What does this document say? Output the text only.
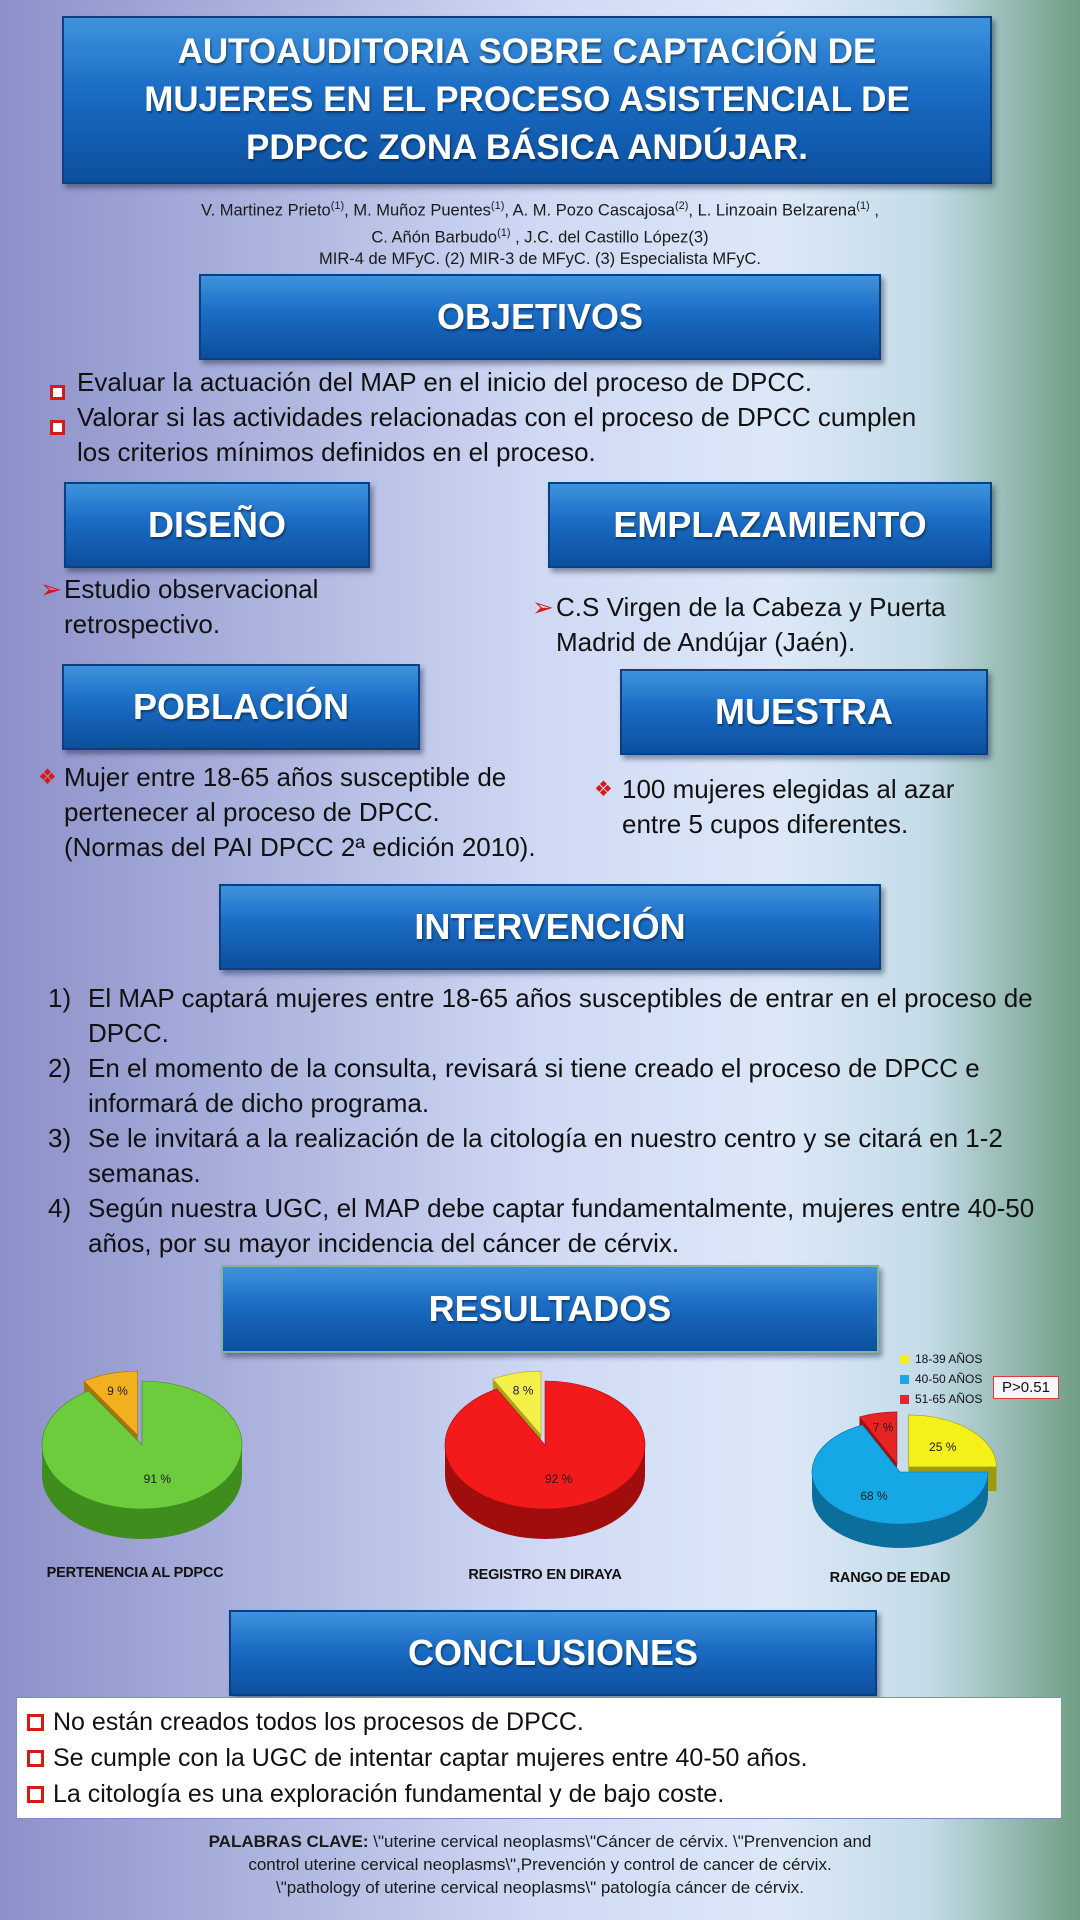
AUTOAUDITORIA SOBRE CAPTACIÓN DE
MUJERES EN EL PROCESO ASISTENCIAL DE
PDPCC ZONA BÁSICA ANDÚJAR.
V. Martinez Prieto$^{(1)}$, M. Muñoz Puentes$^{(1)}$, A. M. Pozo Cascajosa$^{(2)}$, L. Linzoain Belzarena$^{(1)}$ ,
C. Añón Barbudo$^{(1)}$ , J.C. del Castillo López(3)
MIR-4 de MFyC. (2) MIR-3 de MFyC. (3) Especialista MFyC.
OBJETIVOS
Evaluar la actuación del MAP en el inicio del proceso de DPCC.
Valorar si las actividades relacionadas con el proceso de DPCC cumplen los criterios mínimos definidos en el proceso.
DISEÑO
➢ Estudio observacional retrospectivo.
EMPLAZAMIENTO
➢ C.S Virgen de la Cabeza y Puerta Madrid de Andújar (Jaén).
POBLACIÓN
❖ Mujer entre 18-65 años susceptible de pertenecer al proceso de DPCC. (Normas del PAI DPCC 2ª edición 2010).
MUESTRA
❖ 100 mujeres elegidas al azar entre 5 cupos diferentes.
INTERVENCIÓN
1) El MAP captará mujeres entre 18-65 años susceptibles de entrar en el proceso de DPCC.
2) En el momento de la consulta, revisará si tiene creado el proceso de DPCC e informará de dicho programa.
3) Se le invitará a la realización de la citología en nuestro centro y se citará en 1-2 semanas.
4) Según nuestra UGC, el MAP debe captar fundamentalmente, mujeres entre 40-50 años, por su mayor incidencia del cáncer de cérvix.
RESULTADOS
91 %
9 %
PERTENENCIA AL PDPCC
92 %
8 %
REGISTRO EN DIRAYA
25 %
68 %
7 %
RANGO DE EDAD
18-39 AÑOS
40-50 AÑOS
51-65 AÑOS
P>0.51
CONCLUSIONES
No están creados todos los procesos de DPCC.
Se cumple con la UGC de intentar captar mujeres entre 40-50 años.
La citología es una exploración fundamental y de bajo coste.
PALABRAS CLAVE: \"uterine cervical neoplasms\"Cáncer de cérvix. \"Prenvencion and
control uterine cervical neoplasms\",Prevención y control de cancer de cérvix.
\"pathology of uterine cervical neoplasms\" patología cáncer de cérvix.
